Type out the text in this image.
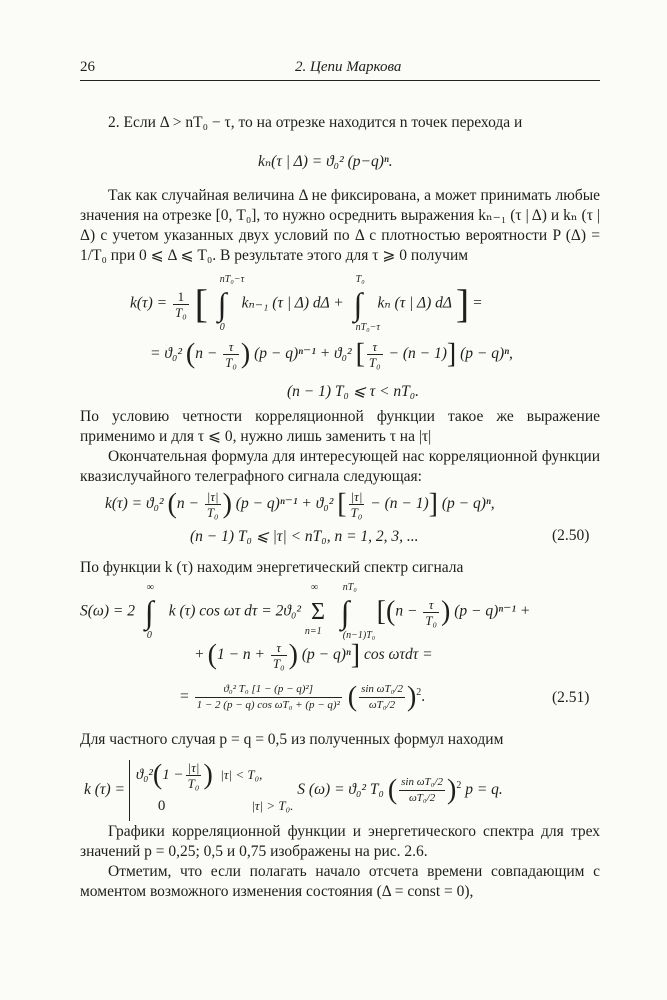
26	2. Цепи Маркова

2. Если Δ > nT₀ − τ, то на отрезке находится n точек перехода и

kₙ(τ | Δ) = ϑ₀² (p−q)ⁿ.

Так как случайная величина Δ не фиксирована, а может принимать любые значения на отрезке [0, T₀], то нужно осреднить выражения kₙ₋₁ (τ | Δ) и kₙ (τ | Δ) с учетом указанных двух условий по Δ с плотностью вероятности P (Δ) = 1/T₀ при 0 ⩽ Δ ⩽ T₀. В результате этого для τ ⩾ 0 получим

$k(\tau) = \frac{1}{\text{T₀}}$ [
nT₀−τ
∫
0
kₙ₋₁ (τ | Δ) dΔ +
T₀
∫
nT₀−τ
kₙ (τ | Δ) dΔ ] =
= ϑ₀² ($n - \frac{\tau}{\text{T₀}}$ ) (p − q)ⁿ⁻¹ + ϑ₀² [ $\frac{\tau}{\text{T₀}} - (n - 1)$] (p − q)ⁿ,
(n − 1) T₀ ⩽ τ < nT₀.

По условию четности корреляционной функции такое же выражение применимо и для τ ⩽ 0, нужно лишь заменить τ на |τ|

Окончательная формула для интересующей нас корреляционной функции квазислучайного телеграфного сигнала следующая:

k(τ) = ϑ₀² ($n - \frac{|\tau|}{\text{T₀}}$ ) (p − q)ⁿ⁻¹ + ϑ₀² [ $\frac{|\tau|}{\text{T₀}} - (n - 1)$] (p − q)ⁿ,
(n − 1) T₀ ⩽ |τ| < nT₀, n = 1, 2, 3, ...	(2.50)

По функции k (τ) находим энергетический спектр сигнала

S(ω) = 2
∞
∫
0
k (τ) cos ωτ dτ = 2ϑ₀²
∞
Σ
n=1

nT₀
∫
(n−1)T₀
[($n - \frac{\tau}{\text{T₀}}$ ) (p − q)ⁿ⁻¹ +
+ ($1 - n + \frac{\tau}{\text{T₀}}$ ) (p − q)ⁿ] cos ωτdτ =
= $\frac{\text{ϑ₀² T₀ [1 − (p − q)²]}}{\text{1 − 2 (p − q) cos ωT₀ + (p − q)²}}$ ( $\frac{\text{sin ωT₀/2}}{\text{ωT₀/2}} )^2$.	(2.51)

Для частного случая p = q = 0,5 из полученных формул находим

k (τ) =
$ϑ_0^2(1 - \frac{|\tau|}{\text{T₀}}$ ) |τ| < T₀,
0	|τ| > T₀.
S (ω) = ϑ₀² T₀ ( $\frac{\text{sin ωT₀/2}}{\text{ωT₀/2}} )^2$ p = q.

Графики корреляционной функции и энергетического спектра для трех значений p = 0,25; 0,5 и 0,75 изображены на рис. 2.6.

Отметим, что если полагать начало отсчета времени совпадающим с моментом возможного изменения состояния (Δ = const = 0),
